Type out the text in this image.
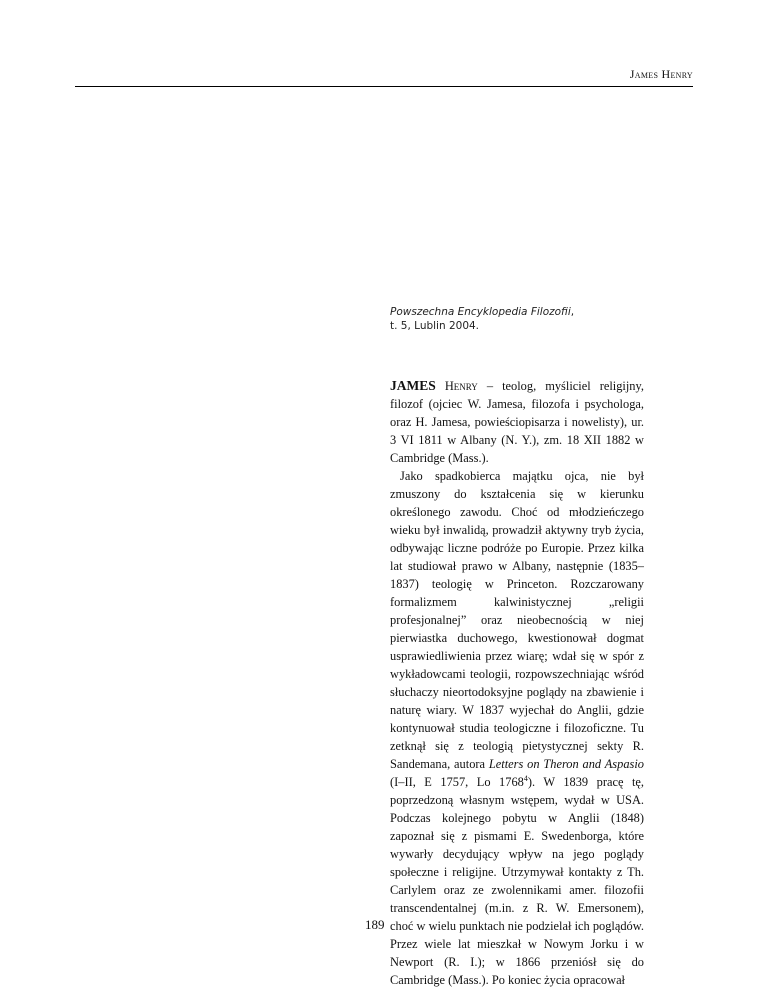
James Henry
Powszechna Encyklopedia Filozofii,
t. 5, Lublin 2004.

JAMES Henry – teolog, myśliciel religijny, filozof (ojciec W. Jamesa, filozofa i psychologa, oraz H. Jamesa, powieściopisarza i nowelisty), ur. 3 VI 1811 w Albany (N. Y.), zm. 18 XII 1882 w Cambridge (Mass.).

Jako spadkobierca majątku ojca, nie był zmuszony do kształcenia się w kierunku określonego zawodu. Choć od młodzieńczego wieku był inwalidą, prowadził aktywny tryb życia, odbywając liczne podróże po Europie. Przez kilka lat studiował prawo w Albany, następnie (1835–1837) teologię w Princeton. Rozczarowany formalizmem kalwinistycznej „religii profesjonalnej” oraz nieobecnością w niej pierwiastka duchowego, kwestionował dogmat usprawiedliwienia przez wiarę; wdał się w spór z wykładowcami teologii, rozpowszechniając wśród słuchaczy nieortodoksyjne poglądy na zbawienie i naturę wiary. W 1837 wyjechał do Anglii, gdzie kontynuował studia teologiczne i filozoficzne. Tu zetknął się z teologią pietystycznej sekty R. Sandemana, autora Letters on Theron and Aspasio (I–II, E 1757, Lo 1768$^4$). W 1839 pracę tę, poprzedzoną własnym wstępem, wydał w USA. Podczas kolejnego pobytu w Anglii (1848) zapoznał się z pismami E. Swedenborga, które wywarły decydujący wpływ na jego poglądy społeczne i religijne. Utrzymywał kontakty z Th. Carlylem oraz ze zwolennikami amer. filozofii transcendentalnej (m.in. z R. W. Emersonem), choć w wielu punktach nie podzielał ich poglądów. Przez wiele lat mieszkał w Nowym Jorku i w Newport (R. I.); w 1866 przeniósł się do Cambridge (Mass.). Po koniec życia opracował

189
